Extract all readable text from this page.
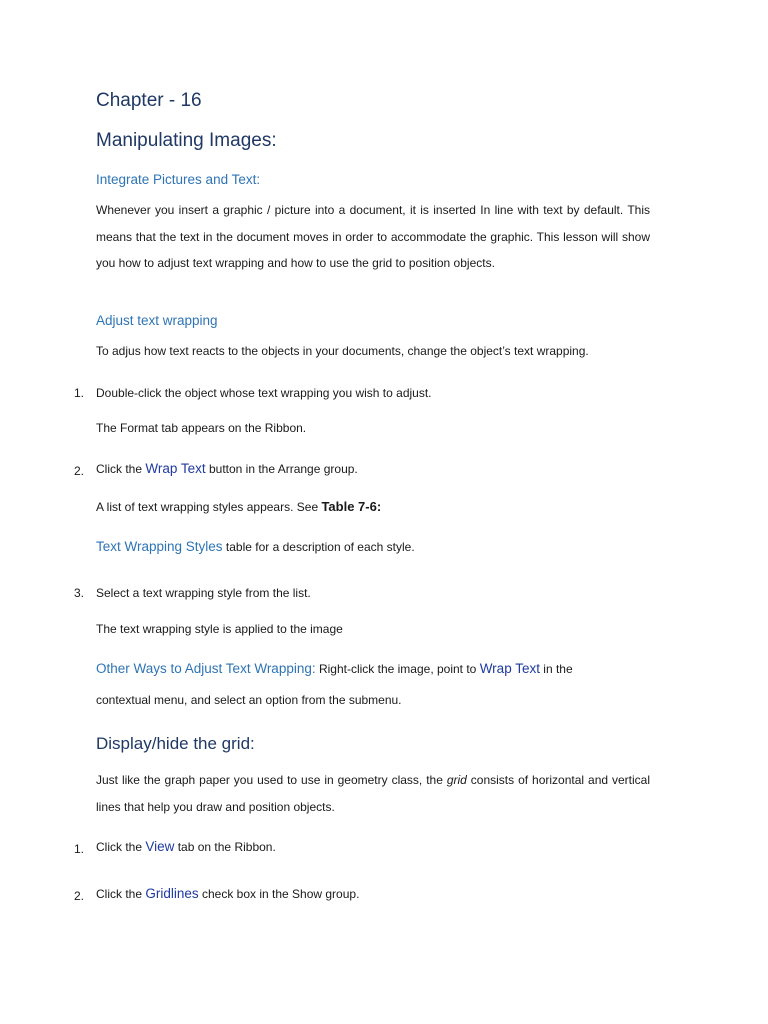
Chapter - 16
Manipulating Images:
Integrate Pictures and Text:
Whenever you insert a graphic / picture into a document, it is inserted In line with text by default. This means that the text in the document moves in order to accommodate the graphic. This lesson will show you how to adjust text wrapping and how to use the grid to position objects.
Adjust text wrapping
To adjus how text reacts to the objects in your documents, change the object’s text wrapping.
1. Double-click the object whose text wrapping you wish to adjust.
The Format tab appears on the Ribbon.
2. Click the Wrap Text button in the Arrange group.
A list of text wrapping styles appears. See Table 7-6:
Text Wrapping Styles table for a description of each style.
3. Select a text wrapping style from the list.
The text wrapping style is applied to the image
Other Ways to Adjust Text Wrapping: Right-click the image, point to Wrap Text in the
contextual menu, and select an option from the submenu.
Display/hide the grid:
Just like the graph paper you used to use in geometry class, the grid consists of horizontal and vertical lines that help you draw and position objects.
1. Click the View tab on the Ribbon.
2. Click the Gridlines check box in the Show group.
